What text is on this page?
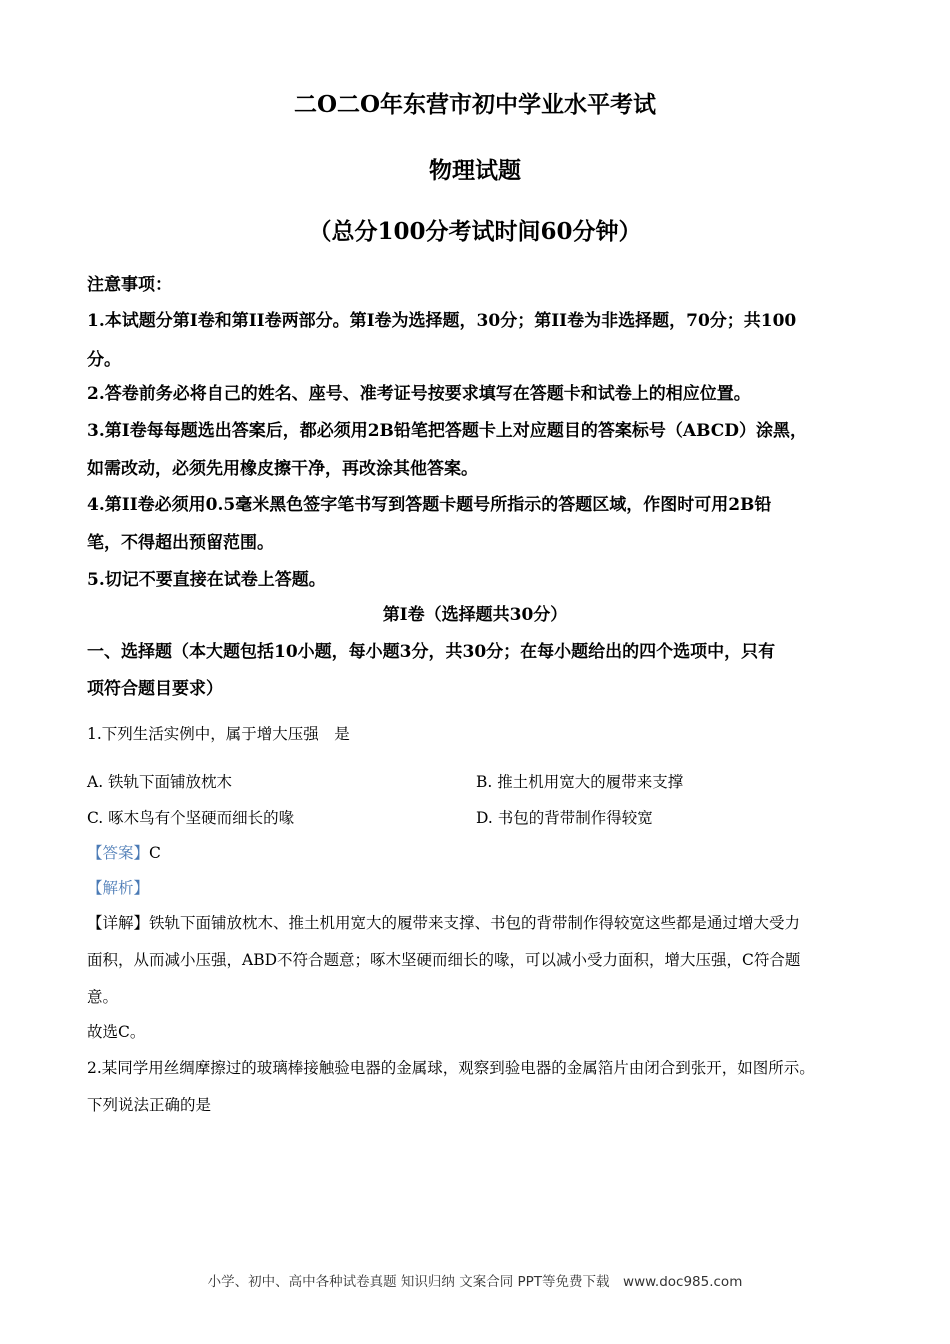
二O二O年东营市初中学业水平考试
物理试题
（总分100分考试时间60分钟）
注意事项：
1.本试题分第I卷和第II卷两部分。第I卷为选择题，30分；第II卷为非选择题，70分；共100
分。
2.答卷前务必将自己的姓名、座号、准考证号按要求填写在答题卡和试卷上的相应位置。
3.第I卷每每题选出答案后，都必须用2B铅笔把答题卡上对应题目的答案标号（ABCD）涂黑，
如需改动，必须先用橡皮擦干净，再改涂其他答案。
4.第II卷必须用0.5毫米黑色签字笔书写到答题卡题号所指示的答题区域，作图时可用2B铅
笔，不得超出预留范围。
5.切记不要直接在试卷上答题。
第I卷（选择题共30分）
一、选择题（本大题包括10小题，每小题3分，共30分；在每小题给出的四个选项中，只有
项符合题目要求）
1.下列生活实例中，属于增大压强　是
A. 铁轨下面铺放枕木	B. 推土机用宽大的履带来支撑
C. 啄木鸟有个坚硬而细长的喙	D. 书包的背带制作得较宽
【答案】C
【解析】
【详解】铁轨下面铺放枕木、推土机用宽大的履带来支撑、书包的背带制作得较宽这些都是通过增大受力
面积，从而减小压强，ABD不符合题意；啄木坚硬而细长的喙，可以减小受力面积，增大压强，C符合题
意。
故选C。
2.某同学用丝绸摩擦过的玻璃棒接触验电器的金属球，观察到验电器的金属箔片由闭合到张开，如图所示。
下列说法正确的是
小学、初中、高中各种试卷真题 知识归纳 文案合同 PPT等免费下载　www.doc985.com
